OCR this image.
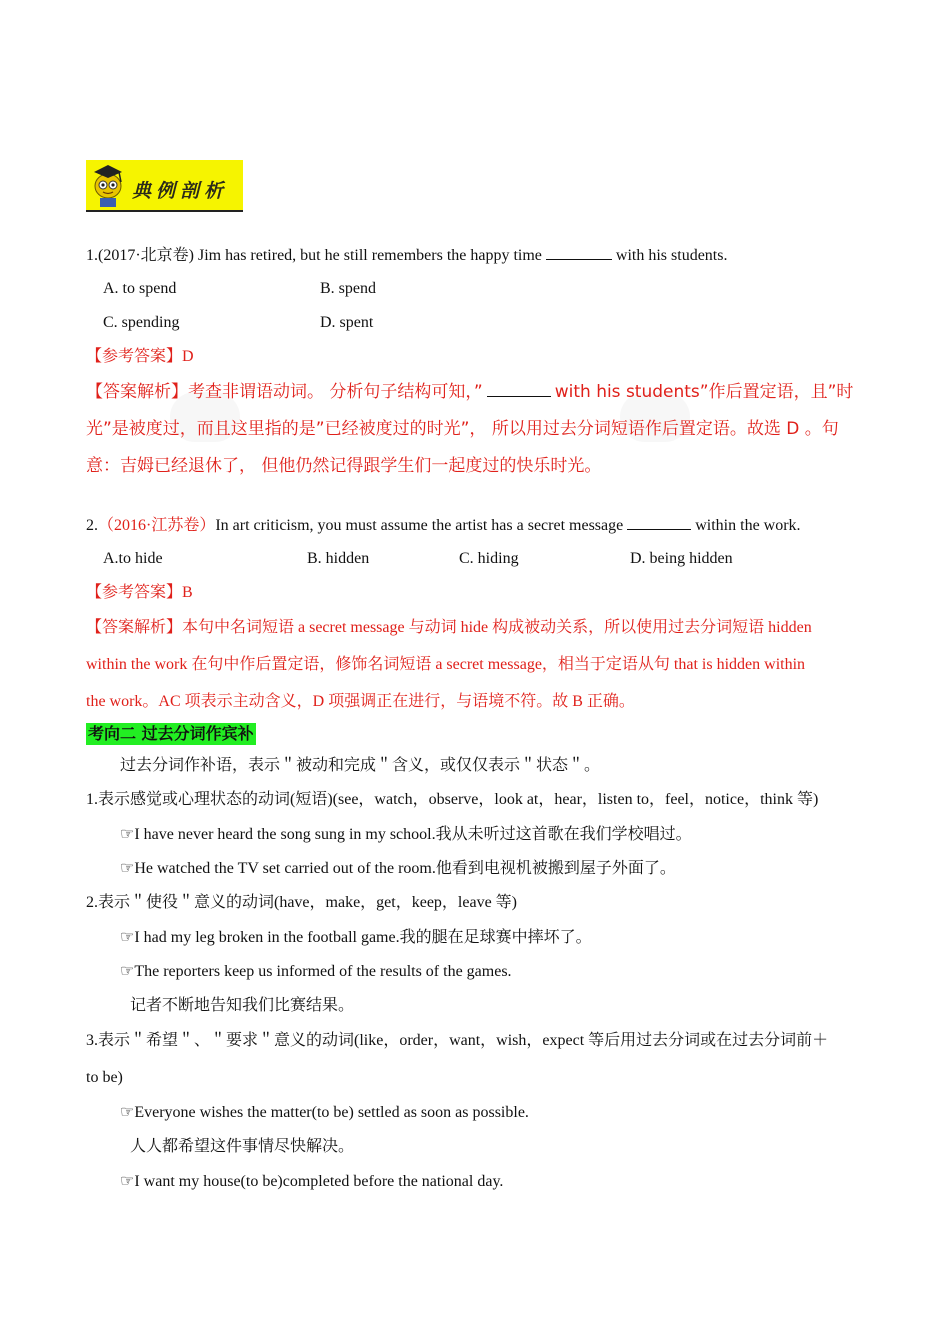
典例剖析
1.(2017·北京卷) Jim has retired, but he still remembers the happy time	with his students.
A. to spend	B. spend
C. spending	D. spent
【参考答案】D
【答案解析】考查非谓语动词。 分析句子结构可知，”	with his students”作后置定语，且”时
光”是被度过，而且这里指的是”已经被度过的时光”， 所以用过去分词短语作后置定语。故选 D 。句
意：吉姆已经退休了， 但他仍然记得跟学生们一起度过的快乐时光。
2.（2016·江苏卷）In art criticism, you must assume the artist has a secret message	within the work.
A.to hide	B. hidden	C. hiding	D. being hidden
【参考答案】B
【答案解析】本句中名词短语 a secret message 与动词 hide 构成被动关系，所以使用过去分词短语 hidden
within the work 在句中作后置定语，修饰名词短语 a secret message，相当于定语从句 that is hidden within
the work。AC 项表示主动含义，D 项强调正在进行，与语境不符。故 B 正确。
考向二 过去分词作宾补
过去分词作补语，表示＂被动和完成＂含义，或仅仅表示＂状态＂。
1.表示感觉或心理状态的动词(短语)(see，watch，observe，look at，hear，listen to，feel，notice，think 等)
☞I have never heard the song sung in my school.我从未听过这首歌在我们学校唱过。
☞He watched the TV set carried out of the room.他看到电视机被搬到屋子外面了。
2.表示＂使役＂意义的动词(have，make，get，keep，leave 等)
☞I had my leg broken in the football game.我的腿在足球赛中摔坏了。
☞The reporters keep us informed of the results of the games.
记者不断地告知我们比赛结果。
3.表示＂希望＂、＂要求＂意义的动词(like，order，want，wish，expect 等后用过去分词或在过去分词前＋
to be)
☞Everyone wishes the matter(to be) settled as soon as possible.
人人都希望这件事情尽快解决。
☞I want my house(to be)completed before the national day.
